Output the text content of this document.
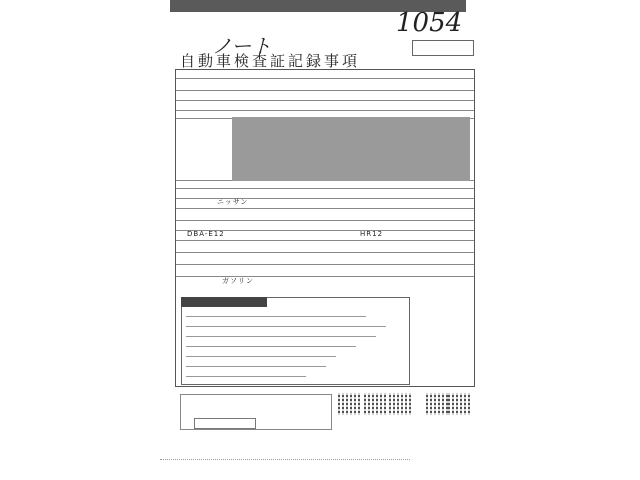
1054
ノート
自動車検査証記録事項
ニッサン
DBA-E12	HR12
ガソリン
